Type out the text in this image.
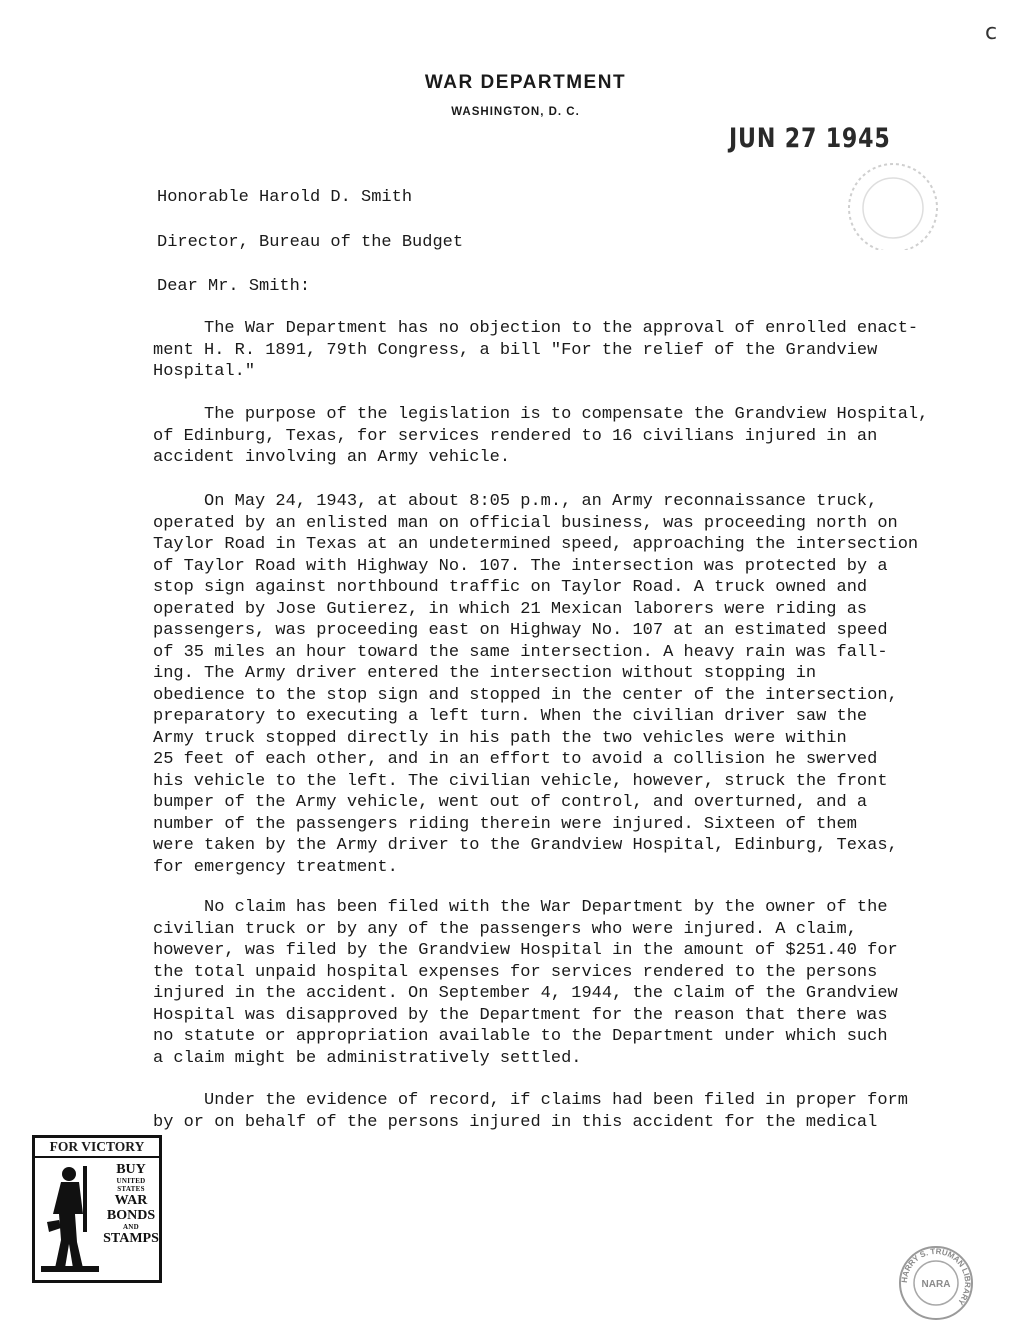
c
WAR DEPARTMENT
WASHINGTON, D. C.
JUN 27 1945
Honorable Harold D. Smith
Director, Bureau of the Budget
Dear Mr. Smith:
The War Department has no objection to the approval of enrolled enact-
ment H. R. 1891, 79th Congress, a bill "For the relief of the Grandview
Hospital."
The purpose of the legislation is to compensate the Grandview Hospital,
of Edinburg, Texas, for services rendered to 16 civilians injured in an
accident involving an Army vehicle.
On May 24, 1943, at about 8:05 p.m., an Army reconnaissance truck,
operated by an enlisted man on official business, was proceeding north on
Taylor Road in Texas at an undetermined speed, approaching the intersection
of Taylor Road with Highway No. 107. The intersection was protected by a
stop sign against northbound traffic on Taylor Road. A truck owned and
operated by Jose Gutierez, in which 21 Mexican laborers were riding as
passengers, was proceeding east on Highway No. 107 at an estimated speed
of 35 miles an hour toward the same intersection. A heavy rain was fall-
ing. The Army driver entered the intersection without stopping in
obedience to the stop sign and stopped in the center of the intersection,
preparatory to executing a left turn. When the civilian driver saw the
Army truck stopped directly in his path the two vehicles were within
25 feet of each other, and in an effort to avoid a collision he swerved
his vehicle to the left. The civilian vehicle, however, struck the front
bumper of the Army vehicle, went out of control, and overturned, and a
number of the passengers riding therein were injured. Sixteen of them
were taken by the Army driver to the Grandview Hospital, Edinburg, Texas,
for emergency treatment.
No claim has been filed with the War Department by the owner of the
civilian truck or by any of the passengers who were injured. A claim,
however, was filed by the Grandview Hospital in the amount of $251.40 for
the total unpaid hospital expenses for services rendered to the persons
injured in the accident. On September 4, 1944, the claim of the Grandview
Hospital was disapproved by the Department for the reason that there was
no statute or appropriation available to the Department under which such
a claim might be administratively settled.
Under the evidence of record, if claims had been filed in proper form
by or on behalf of the persons injured in this accident for the medical
FOR VICTORY
BUY
UNITED
STATES
WAR
BONDS
AND
STAMPS
HARRY S. TRUMAN LIBRARY
NARA
